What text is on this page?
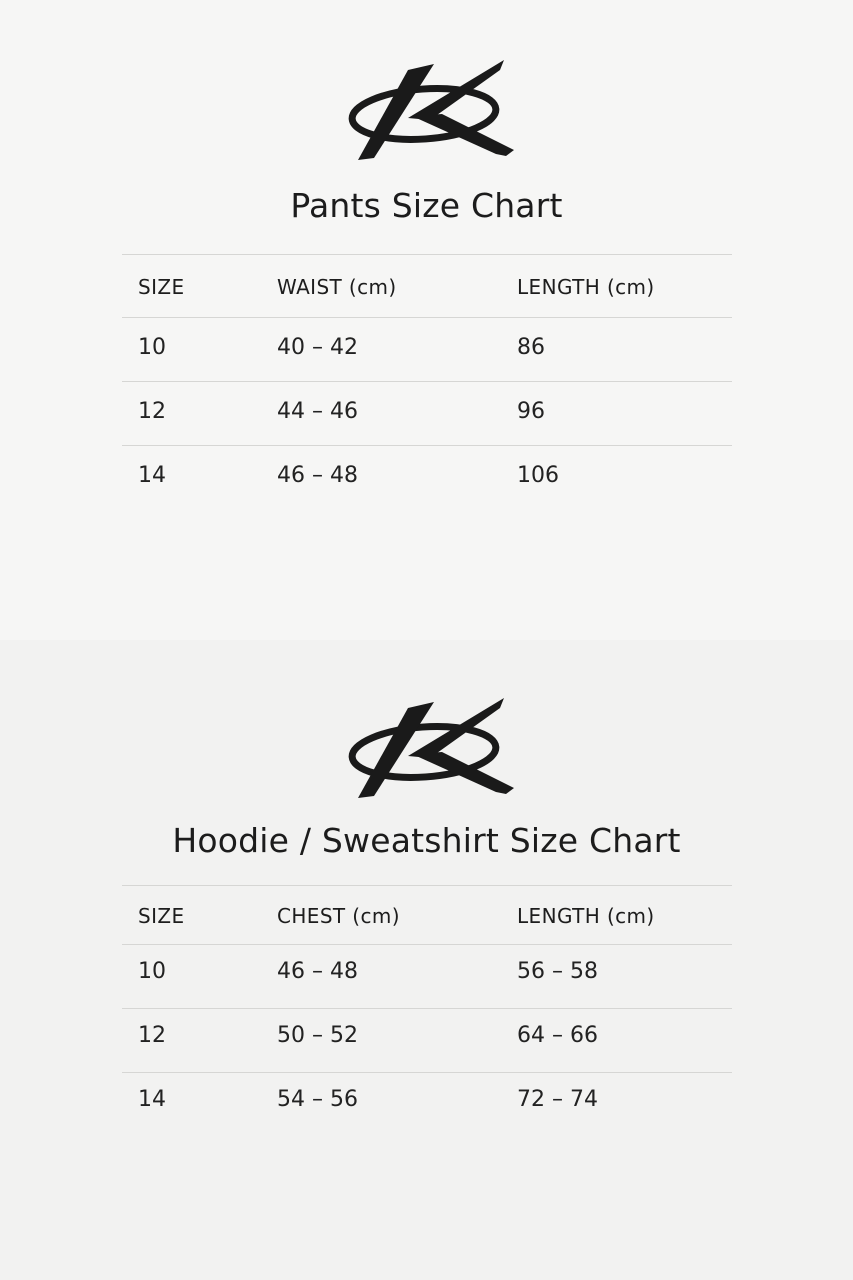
Pants Size Chart
SIZE	WAIST (cm)	LENGTH (cm)
10	40 – 42	86
12	44 – 46	96
14	46 – 48	106
Hoodie / Sweatshirt Size Chart
SIZE	CHEST (cm)	LENGTH (cm)
10	46 – 48	56 – 58
12	50 – 52	64 – 66
14	54 – 56	72 – 74
